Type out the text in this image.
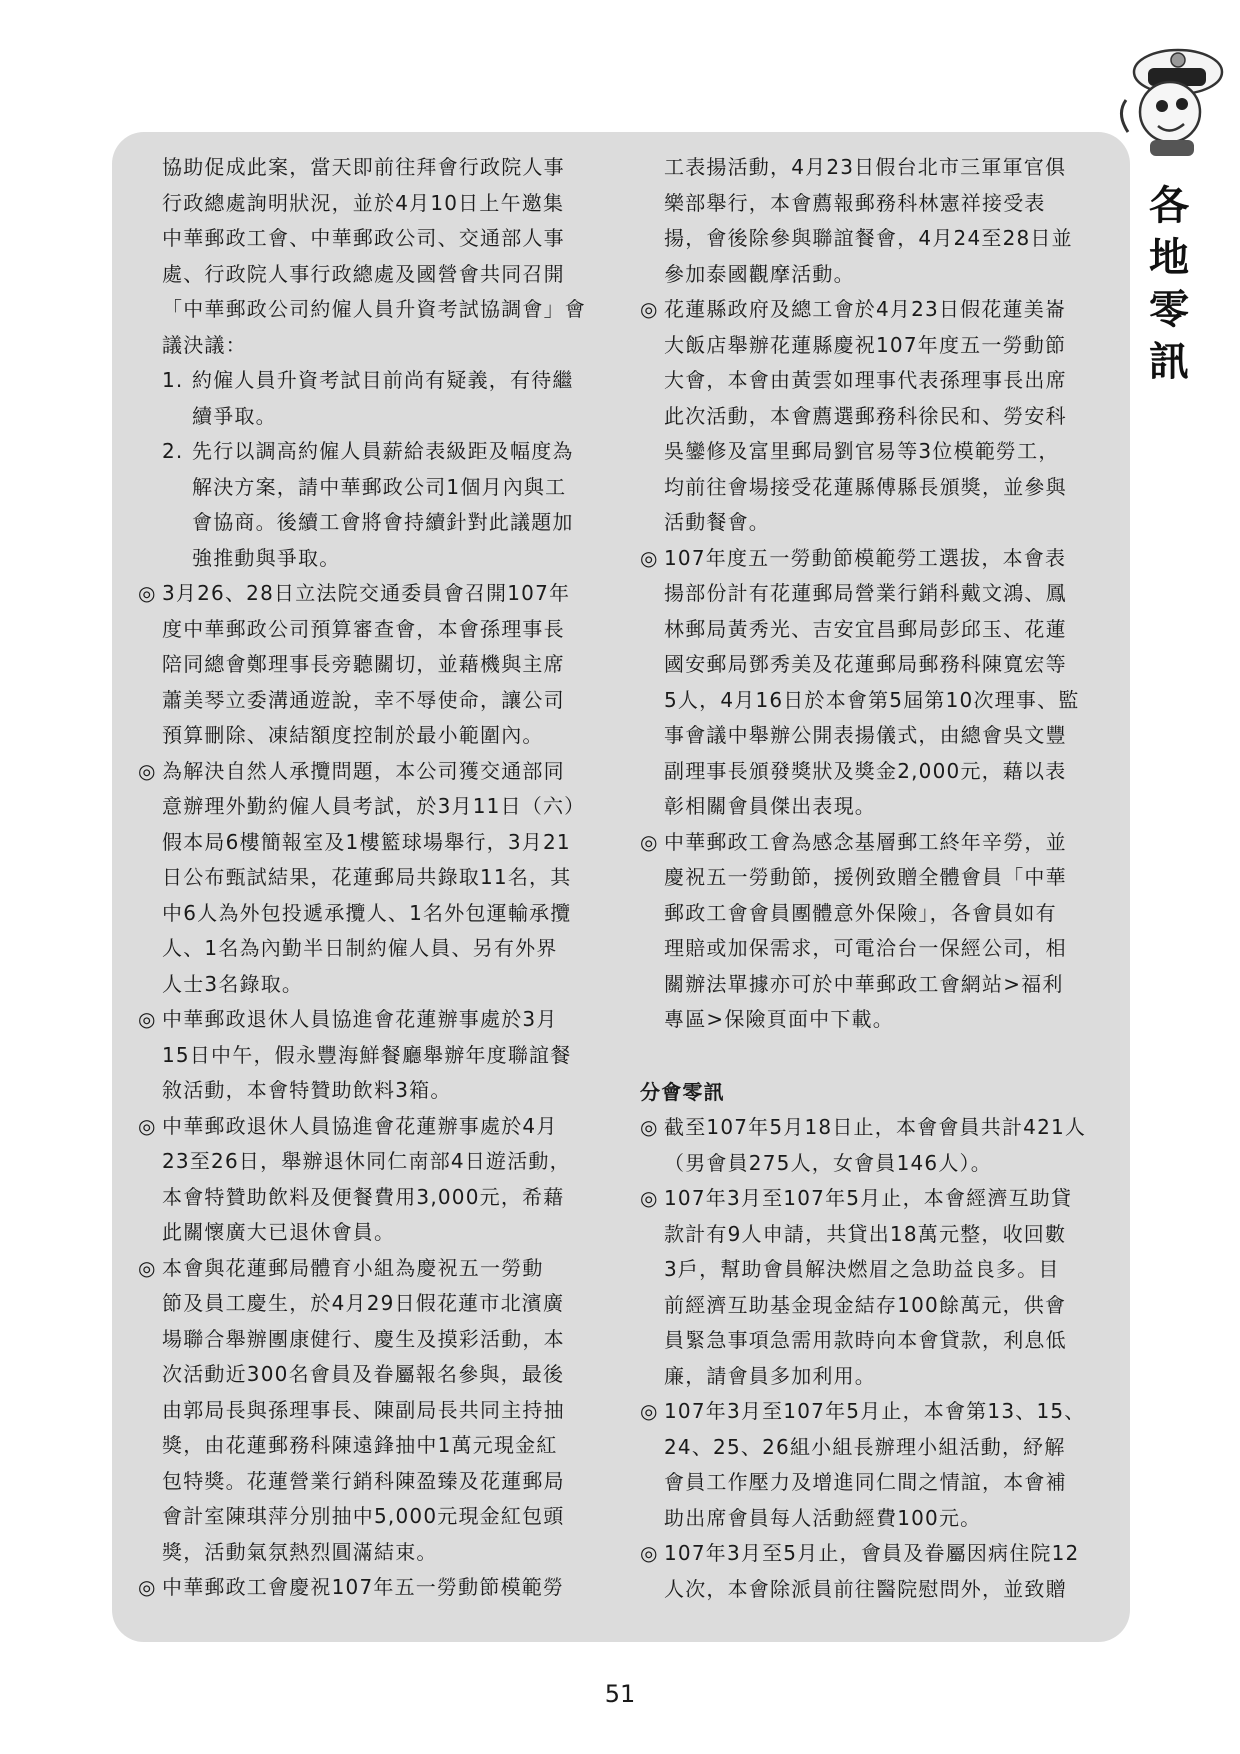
各
地
零
訊
協助促成此案，當天即前往拜會行政院人事
行政總處詢明狀況，並於4月10日上午邀集
中華郵政工會、中華郵政公司、交通部人事
處、行政院人事行政總處及國營會共同召開
「中華郵政公司約僱人員升資考試協調會」會
議決議：
1. 約僱人員升資考試目前尚有疑義，有待繼
續爭取。
2. 先行以調高約僱人員薪給表級距及幅度為
解決方案，請中華郵政公司1個月內與工
會協商。後續工會將會持續針對此議題加
強推動與爭取。
◎ 3月26、28日立法院交通委員會召開107年
度中華郵政公司預算審查會，本會孫理事長
陪同總會鄭理事長旁聽關切，並藉機與主席
蕭美琴立委溝通遊說，幸不辱使命，讓公司
預算刪除、凍結額度控制於最小範圍內。
◎ 為解決自然人承攬問題，本公司獲交通部同
意辦理外勤約僱人員考試，於3月11日（六）
假本局6樓簡報室及1樓籃球場舉行，3月21
日公布甄試結果，花蓮郵局共錄取11名，其
中6人為外包投遞承攬人、1名外包運輸承攬
人、1名為內勤半日制約僱人員、另有外界
人士3名錄取。
◎ 中華郵政退休人員協進會花蓮辦事處於3月
15日中午，假永豐海鮮餐廳舉辦年度聯誼餐
敘活動，本會特贊助飲料3箱。
◎ 中華郵政退休人員協進會花蓮辦事處於4月
23至26日，舉辦退休同仁南部4日遊活動，
本會特贊助飲料及便餐費用3,000元，希藉
此關懷廣大已退休會員。
◎ 本會與花蓮郵局體育小組為慶祝五一勞動
節及員工慶生，於4月29日假花蓮市北濱廣
場聯合舉辦團康健行、慶生及摸彩活動，本
次活動近300名會員及眷屬報名參與，最後
由郭局長與孫理事長、陳副局長共同主持抽
獎，由花蓮郵務科陳遠鋒抽中1萬元現金紅
包特獎。花蓮營業行銷科陳盈臻及花蓮郵局
會計室陳琪萍分別抽中5,000元現金紅包頭
獎，活動氣氛熱烈圓滿結束。
◎ 中華郵政工會慶祝107年五一勞動節模範勞
工表揚活動，4月23日假台北市三軍軍官俱
樂部舉行，本會薦報郵務科林憲祥接受表
揚，會後除參與聯誼餐會，4月24至28日並
參加泰國觀摩活動。
◎ 花蓮縣政府及總工會於4月23日假花蓮美崙
大飯店舉辦花蓮縣慶祝107年度五一勞動節
大會，本會由黃雲如理事代表孫理事長出席
此次活動，本會薦選郵務科徐民和、勞安科
吳鑾修及富里郵局劉官易等3位模範勞工，
均前往會場接受花蓮縣傅縣長頒獎，並參與
活動餐會。
◎ 107年度五一勞動節模範勞工選拔，本會表
揚部份計有花蓮郵局營業行銷科戴文鴻、鳳
林郵局黃秀光、吉安宜昌郵局彭邱玉、花蓮
國安郵局鄧秀美及花蓮郵局郵務科陳寬宏等
5人，4月16日於本會第5屆第10次理事、監
事會議中舉辦公開表揚儀式，由總會吳文豐
副理事長頒發獎狀及獎金2,000元，藉以表
彰相關會員傑出表現。
◎ 中華郵政工會為感念基層郵工終年辛勞，並
慶祝五一勞動節，援例致贈全體會員「中華
郵政工會會員團體意外保險」，各會員如有
理賠或加保需求，可電洽台一保經公司，相
關辦法單據亦可於中華郵政工會網站>福利
專區>保險頁面中下載。
分會零訊
◎ 截至107年5月18日止，本會會員共計421人
（男會員275人，女會員146人）。
◎ 107年3月至107年5月止，本會經濟互助貸
款計有9人申請，共貸出18萬元整，收回數
3戶，幫助會員解決燃眉之急助益良多。目
前經濟互助基金現金結存100餘萬元，供會
員緊急事項急需用款時向本會貸款，利息低
廉，請會員多加利用。
◎ 107年3月至107年5月止，本會第13、15、
24、25、26組小組長辦理小組活動，紓解
會員工作壓力及增進同仁間之情誼，本會補
助出席會員每人活動經費100元。
◎ 107年3月至5月止，會員及眷屬因病住院12
人次，本會除派員前往醫院慰問外，並致贈
51
